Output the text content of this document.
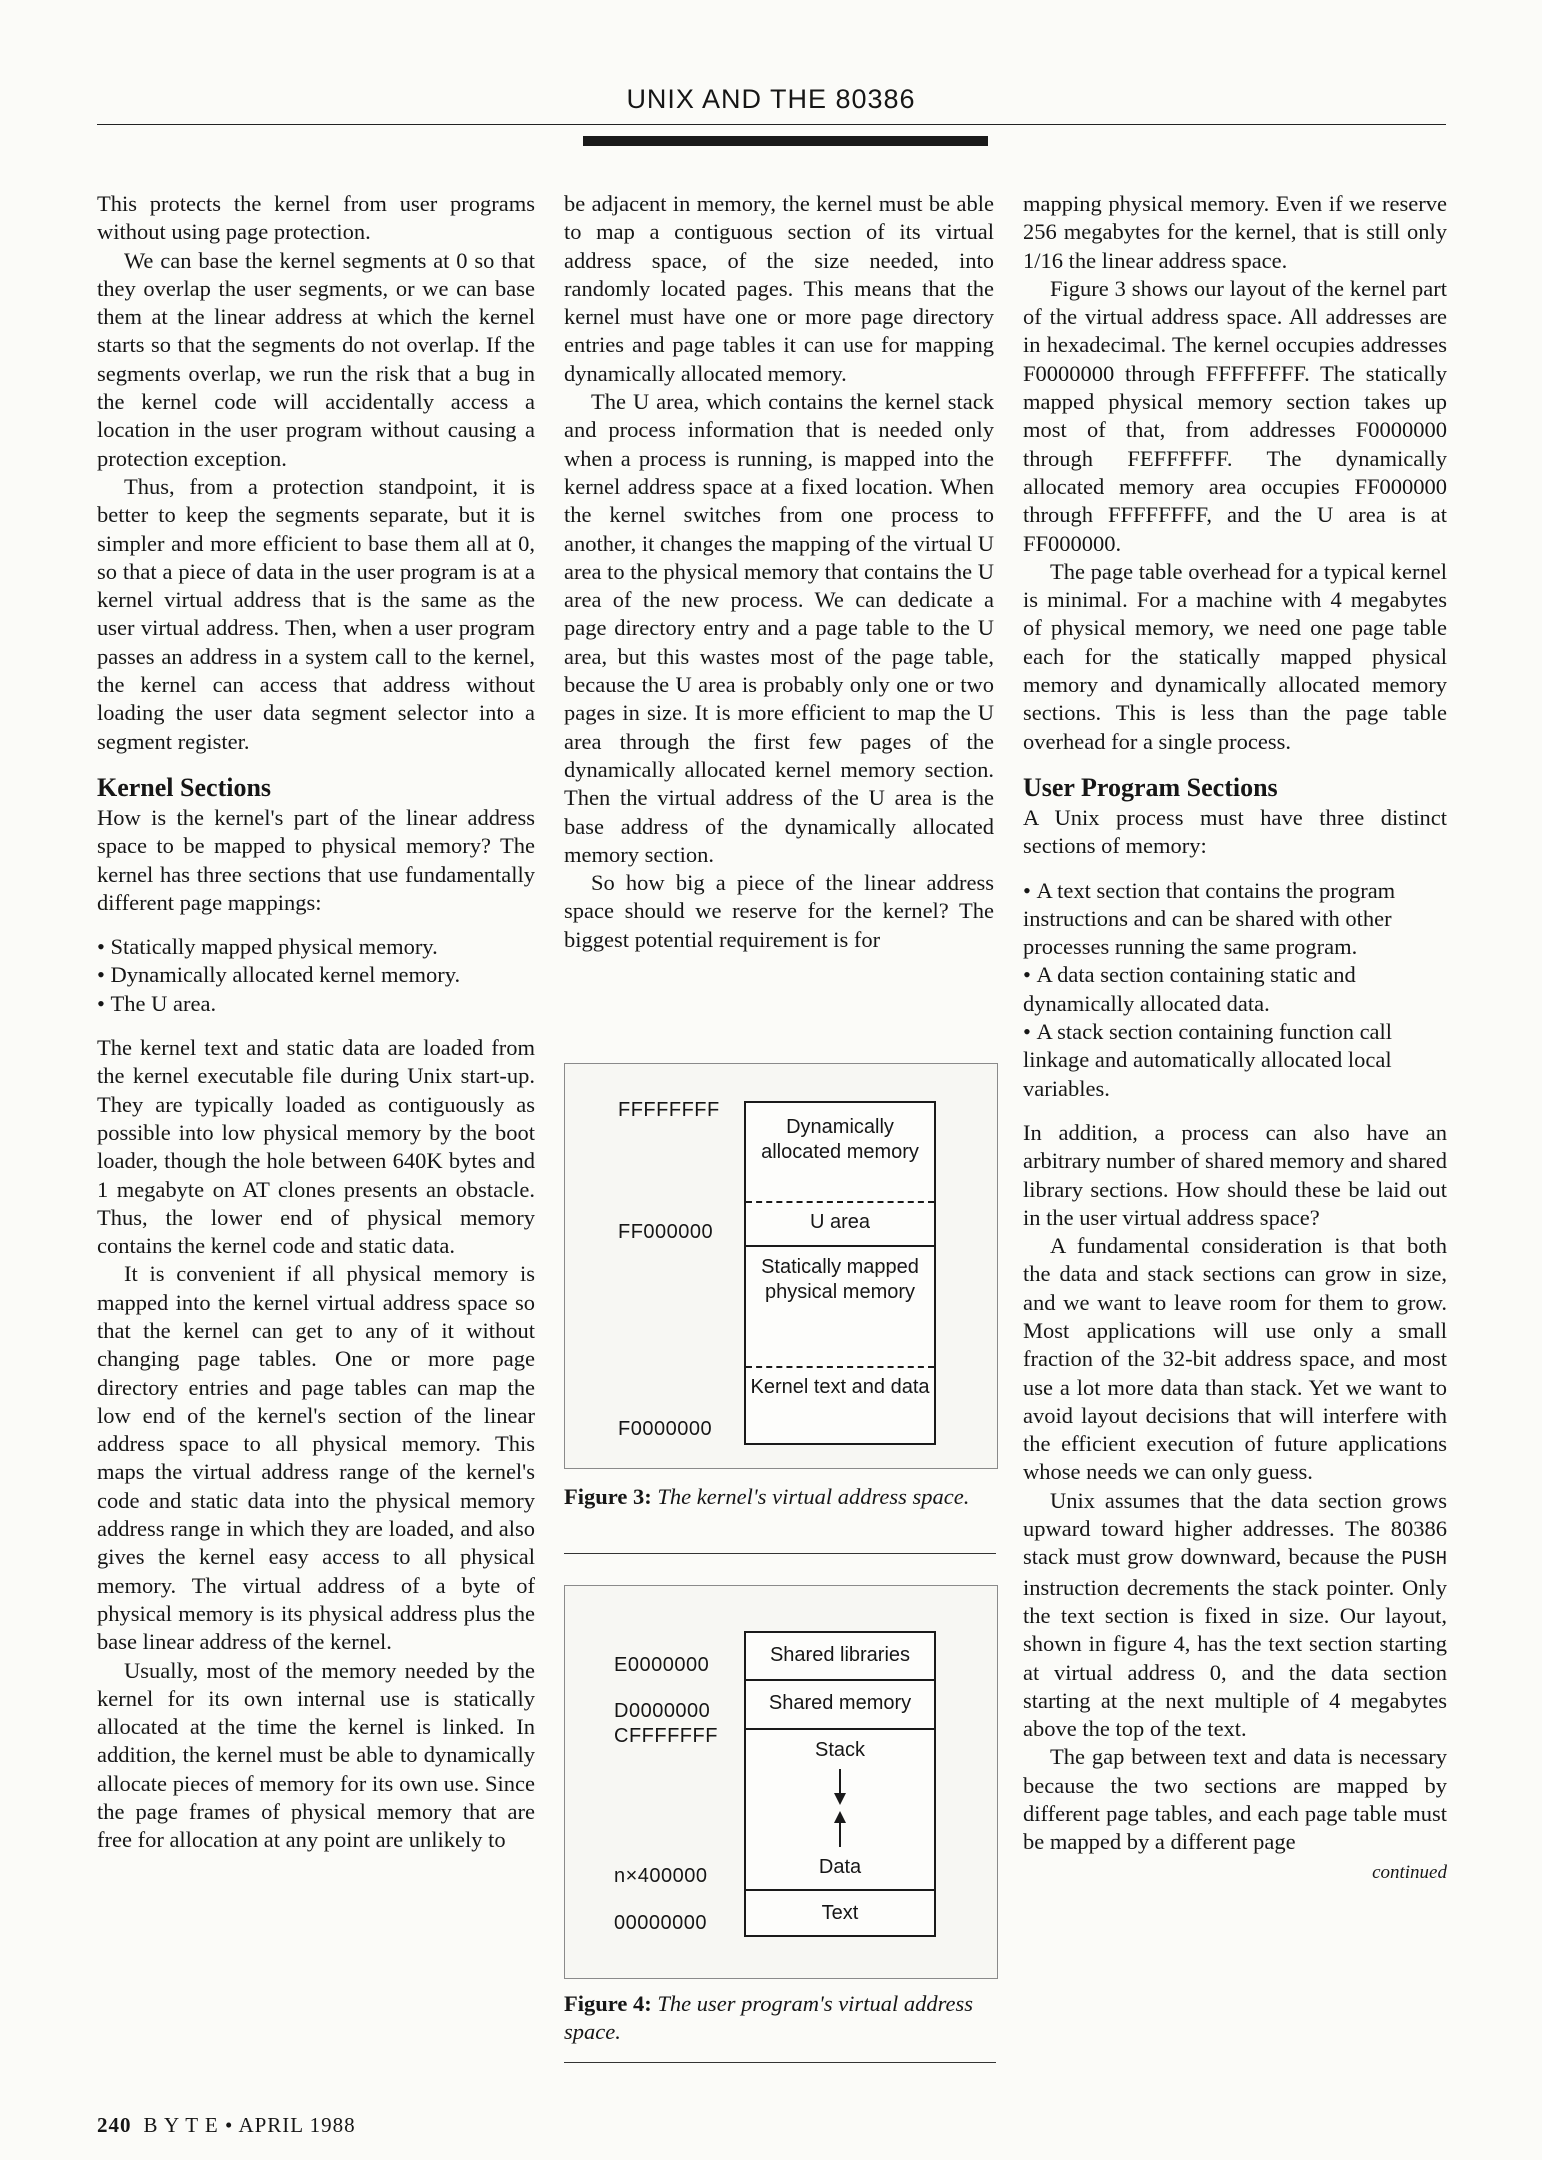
UNIX AND THE 80386

This protects the kernel from user programs without using page protection.

We can base the kernel segments at 0 so that they overlap the user segments, or we can base them at the linear address at which the kernel starts so that the segments do not overlap. If the segments overlap, we run the risk that a bug in the kernel code will accidentally access a location in the user program without causing a protection exception.

Thus, from a protection standpoint, it is better to keep the segments separate, but it is simpler and more efficient to base them all at 0, so that a piece of data in the user program is at a kernel virtual address that is the same as the user virtual address. Then, when a user program passes an address in a system call to the kernel, the kernel can access that address without loading the user data segment selector into a segment register.

Kernel Sections

How is the kernel's part of the linear address space to be mapped to physical memory? The kernel has three sections that use fundamentally different page mappings:

• Statically mapped physical memory.
• Dynamically allocated kernel memory.
• The U area.

The kernel text and static data are loaded from the kernel executable file during Unix start-up. They are typically loaded as contiguously as possible into low physical memory by the boot loader, though the hole between 640K bytes and 1 megabyte on AT clones presents an obstacle. Thus, the lower end of physical memory contains the kernel code and static data.

It is convenient if all physical memory is mapped into the kernel virtual address space so that the kernel can get to any of it without changing page tables. One or more page directory entries and page tables can map the low end of the kernel's section of the linear address space to all physical memory. This maps the virtual address range of the kernel's code and static data into the physical memory address range in which they are loaded, and also gives the kernel easy access to all physical memory. The virtual address of a byte of physical memory is its physical address plus the base linear address of the kernel.

Usually, most of the memory needed by the kernel for its own internal use is statically allocated at the time the kernel is linked. In addition, the kernel must be able to dynamically allocate pieces of memory for its own use. Since the page frames of physical memory that are free for allocation at any point are unlikely to

be adjacent in memory, the kernel must be able to map a contiguous section of its virtual address space, of the size needed, into randomly located pages. This means that the kernel must have one or more page directory entries and page tables it can use for mapping dynamically allocated memory.

The U area, which contains the kernel stack and process information that is needed only when a process is running, is mapped into the kernel address space at a fixed location. When the kernel switches from one process to another, it changes the mapping of the virtual U area to the physical memory that contains the U area of the new process. We can dedicate a page directory entry and a page table to the U area, but this wastes most of the page table, because the U area is probably only one or two pages in size. It is more efficient to map the U area through the first few pages of the dynamically allocated kernel memory section. Then the virtual address of the U area is the base address of the dynamically allocated memory section.

So how big a piece of the linear address space should we reserve for the kernel? The biggest potential requirement is for

FFFFFFFF
FF000000
F0000000
Dynamically allocated memory
U area
Statically mapped physical memory
Kernel text and data
Figure 3: The kernel's virtual address space.
E0000000
D0000000
CFFFFFFF
n×400000
00000000
Shared libraries
Shared memory
Stack
Data
Text
Figure 4: The user program's virtual address space.

mapping physical memory. Even if we reserve 256 megabytes for the kernel, that is still only 1/16 the linear address space.

Figure 3 shows our layout of the kernel part of the virtual address space. All addresses are in hexadecimal. The kernel occupies addresses F0000000 through FFFFFFFF. The statically mapped physical memory section takes up most of that, from addresses F0000000 through FEFFFFFF. The dynamically allocated memory area occupies FF000000 through FFFFFFFF, and the U area is at FF000000.

The page table overhead for a typical kernel is minimal. For a machine with 4 megabytes of physical memory, we need one page table each for the statically mapped physical memory and dynamically allocated memory sections. This is less than the page table overhead for a single process.

User Program Sections

A Unix process must have three distinct sections of memory:

• A text section that contains the program instructions and can be shared with other processes running the same program.
• A data section containing static and dynamically allocated data.
• A stack section containing function call linkage and automatically allocated local variables.

In addition, a process can also have an arbitrary number of shared memory and shared library sections. How should these be laid out in the user virtual address space?

A fundamental consideration is that both the data and stack sections can grow in size, and we want to leave room for them to grow. Most applications will use only a small fraction of the 32-bit address space, and most use a lot more data than stack. Yet we want to avoid layout decisions that will interfere with the efficient execution of future applications whose needs we can only guess.

Unix assumes that the data section grows upward toward higher addresses. The 80386 stack must grow downward, because the PUSH instruction decrements the stack pointer. Only the text section is fixed in size. Our layout, shown in figure 4, has the text section starting at virtual address 0, and the data section starting at the next multiple of 4 megabytes above the top of the text.

The gap between text and data is necessary because the two sections are mapped by different page tables, and each page table must be mapped by a different page

continued
240 B Y T E • APRIL 1988
